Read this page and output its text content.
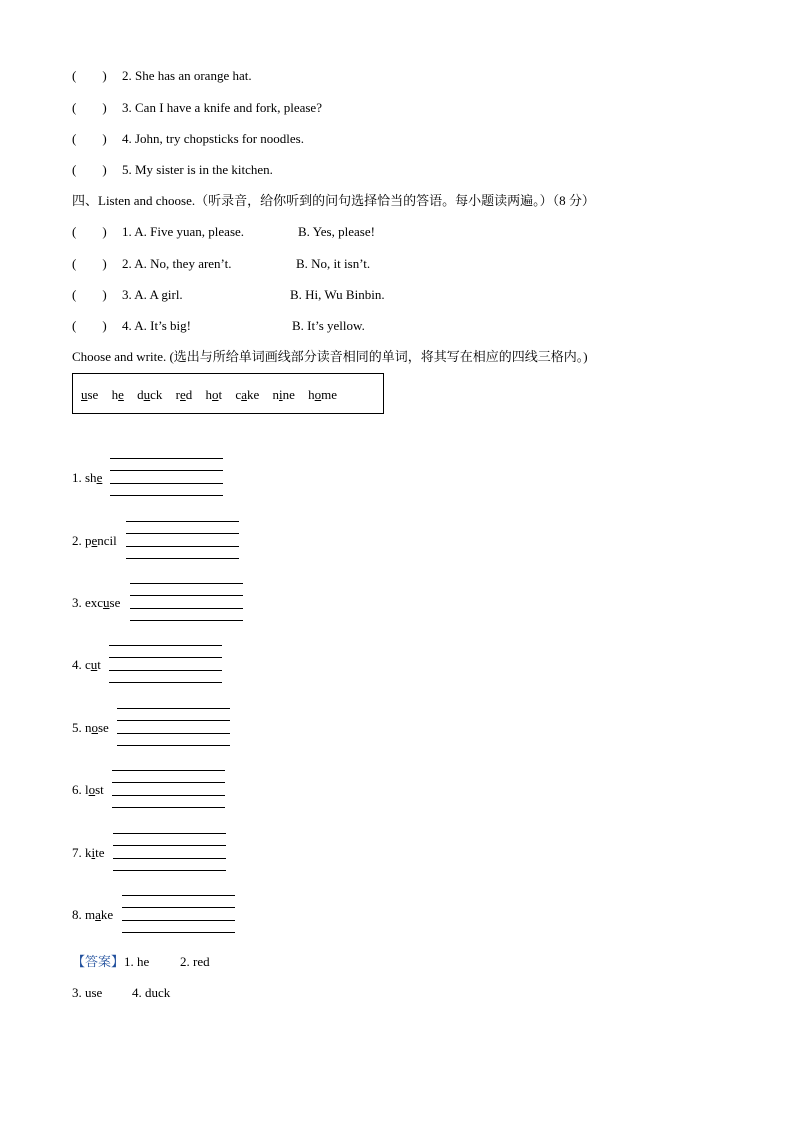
(　　) 2. She has an orange hat.
(　　) 3. Can I have a knife and fork, please?
(　　) 4. John, try chopsticks for noodles.
(　　) 5. My sister is in the kitchen.
四、Listen and choose.（听录音，给你听到的问句选择恰当的答语。每小题读两遍。）（8 分）
(　　) 1. A. Five yuan, please.	B. Yes, please!
(　　) 2. A. No, they aren’t.	B. No, it isn’t.
(　　) 3. A. A girl.	B. Hi, Wu Binbin.
(　　) 4. A. It’s big!	B. It’s yellow.
Choose and write. (选出与所给单词画线部分读音相同的单词，将其写在相应的四线三格内。)
use he duck red hot cake nine home
1. she
2. pencil
3. excuse
4. cut
5. nose
6. lost
7. kite
8. make
【答案】1. he 2. red
3. use 4. duck
